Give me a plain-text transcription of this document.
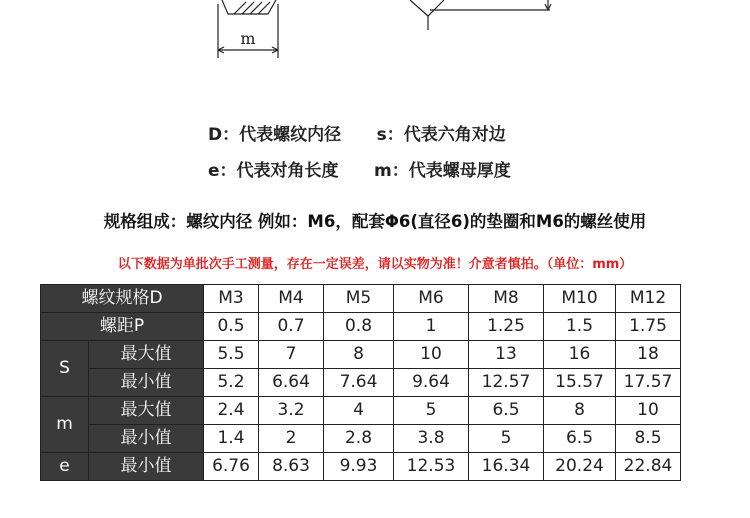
m
D：代表螺纹内径 s：代表六角对边
e：代表对角长度 m：代表螺母厚度
规格组成：螺纹内径 例如：M6，配套Φ6(直径6)的垫圈和M6的螺丝使用
以下数据为单批次手工测量，存在一定误差，请以实物为准！介意者慎拍。（单位：mm）
螺纹规格D		M3	M4	M5	M6	M8	M10	M12
螺距P		0.5	0.7	0.8	1	1.25	1.5	1.75
S	最大值	5.5	7	8	10	13	16	18
	最小值	5.2	6.64	7.64	9.64	12.57	15.57	17.57
m	最大值	2.4	3.2	4	5	6.5	8	10
	最小值	1.4	2	2.8	3.8	5	6.5	8.5
e	最小值	6.76	8.63	9.93	12.53	16.34	20.24	22.84
